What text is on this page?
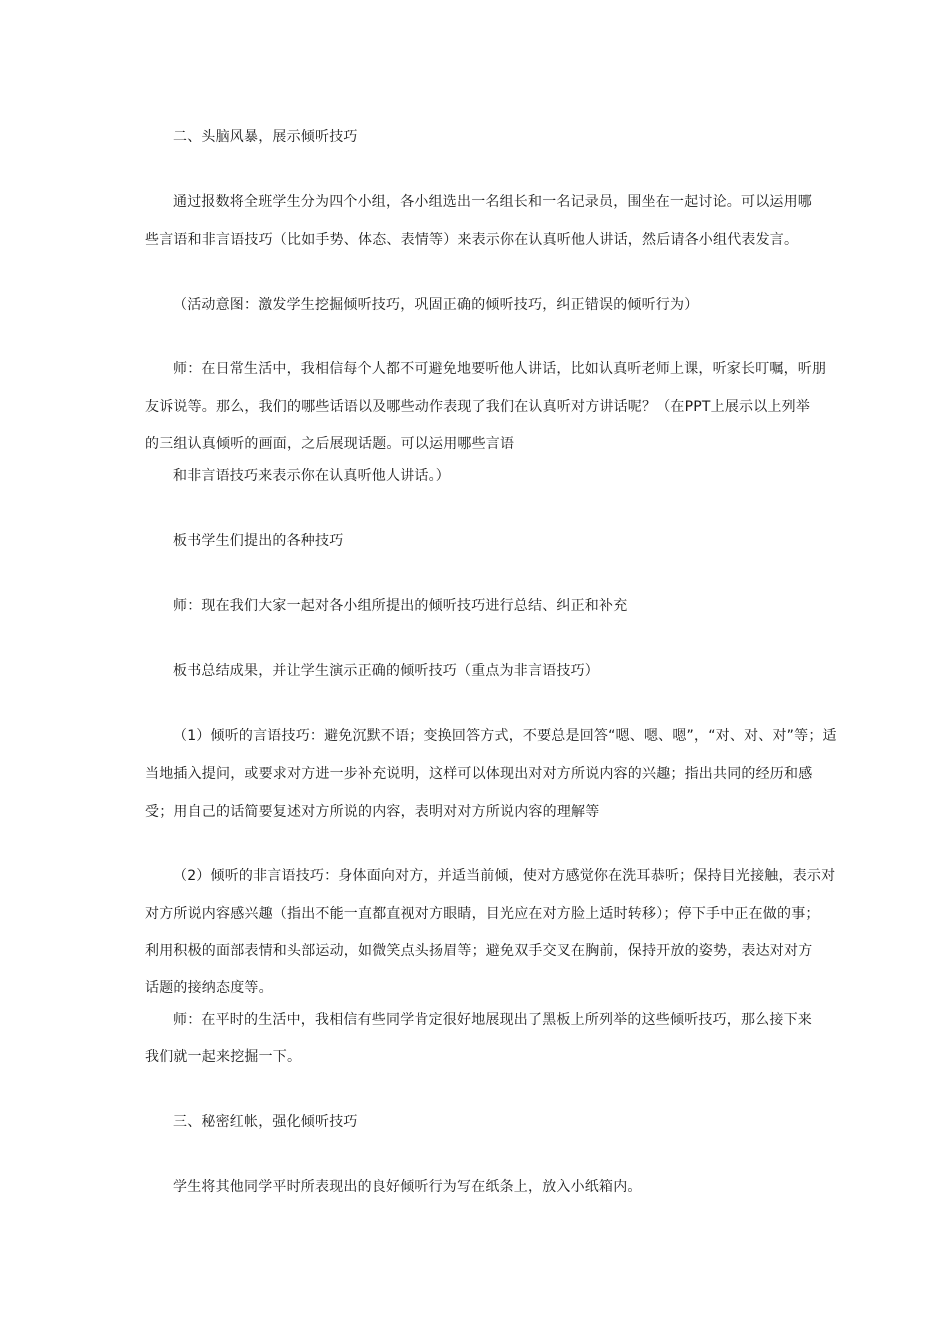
二、头脑风暴，展示倾听技巧
通过报数将全班学生分为四个小组，各小组选出一名组长和一名记录员，围坐在一起讨论。可以运用哪
些言语和非言语技巧（比如手势、体态、表情等）来表示你在认真听他人讲话，然后请各小组代表发言。
（活动意图：激发学生挖掘倾听技巧，巩固正确的倾听技巧，纠正错误的倾听行为）
师：在日常生活中，我相信每个人都不可避免地要听他人讲话，比如认真听老师上课，听家长叮嘱，听朋
友诉说等。那么，我们的哪些话语以及哪些动作表现了我们在认真听对方讲话呢？（在PPT上展示以上列举
的三组认真倾听的画面，之后展现话题。可以运用哪些言语
和非言语技巧来表示你在认真听他人讲话。）
板书学生们提出的各种技巧
师：现在我们大家一起对各小组所提出的倾听技巧进行总结、纠正和补充
板书总结成果，并让学生演示正确的倾听技巧（重点为非言语技巧）
（1）倾听的言语技巧：避免沉默不语；变换回答方式，不要总是回答“嗯、嗯、嗯”，“对、对、对”等；适
当地插入提问，或要求对方进一步补充说明，这样可以体现出对对方所说内容的兴趣；指出共同的经历和感
受；用自己的话简要复述对方所说的内容，表明对对方所说内容的理解等
（2）倾听的非言语技巧：身体面向对方，并适当前倾，使对方感觉你在洗耳恭听；保持目光接触，表示对
对方所说内容感兴趣（指出不能一直都直视对方眼睛，目光应在对方脸上适时转移）；停下手中正在做的事；
利用积极的面部表情和头部运动，如微笑点头扬眉等；避免双手交叉在胸前，保持开放的姿势，表达对对方
话题的接纳态度等。
师：在平时的生活中，我相信有些同学肯定很好地展现出了黑板上所列举的这些倾听技巧，那么接下来
我们就一起来挖掘一下。
三、秘密红帐，强化倾听技巧
学生将其他同学平时所表现出的良好倾听行为写在纸条上，放入小纸箱内。
